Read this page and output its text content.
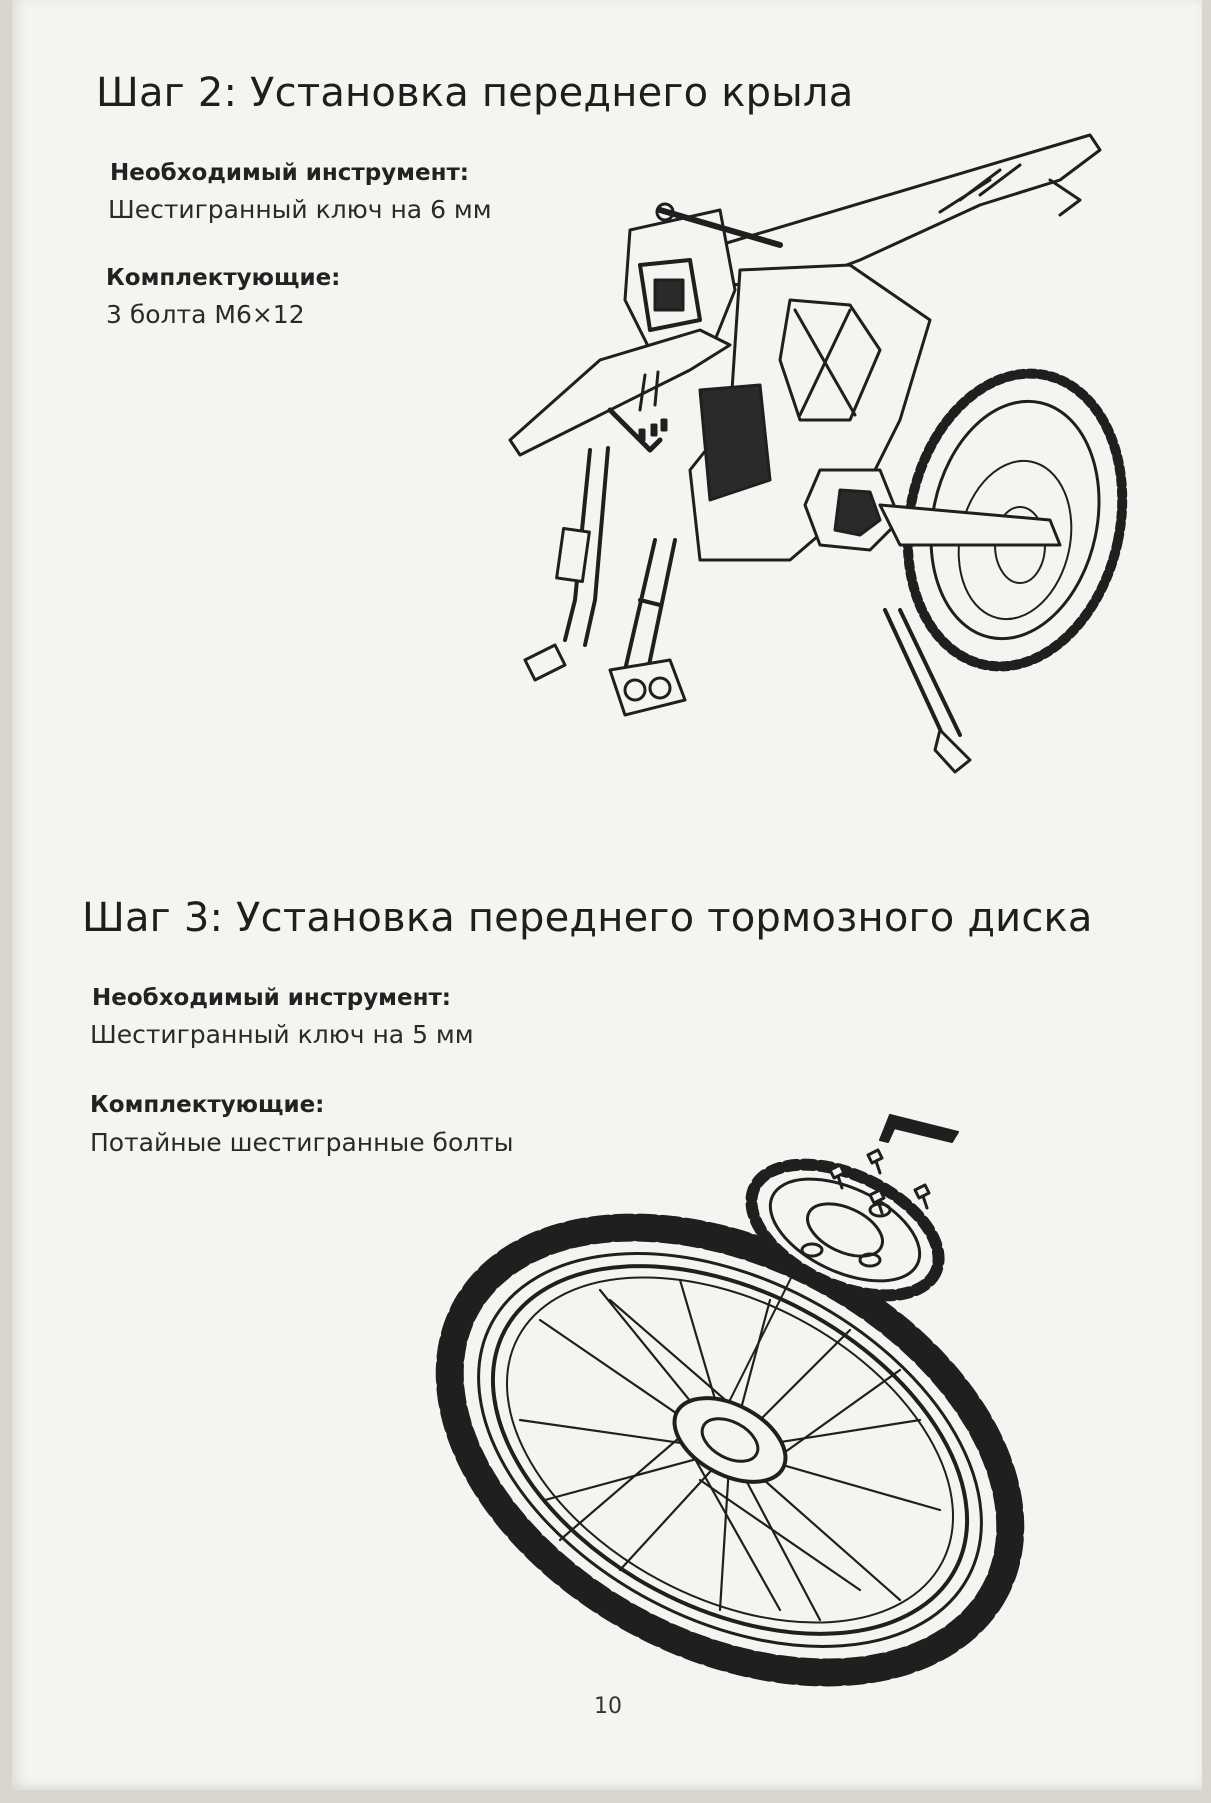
Шаг 2: Установка переднего крыла
Необходимый инструмент:
Шестигранный ключ на 6 мм
Комплектующие:
3 болта М6×12
Шаг 3: Установка переднего тормозного диска
Необходимый инструмент:
Шестигранный ключ на 5 мм
Комплектующие:
Потайные шестигранные болты
10
